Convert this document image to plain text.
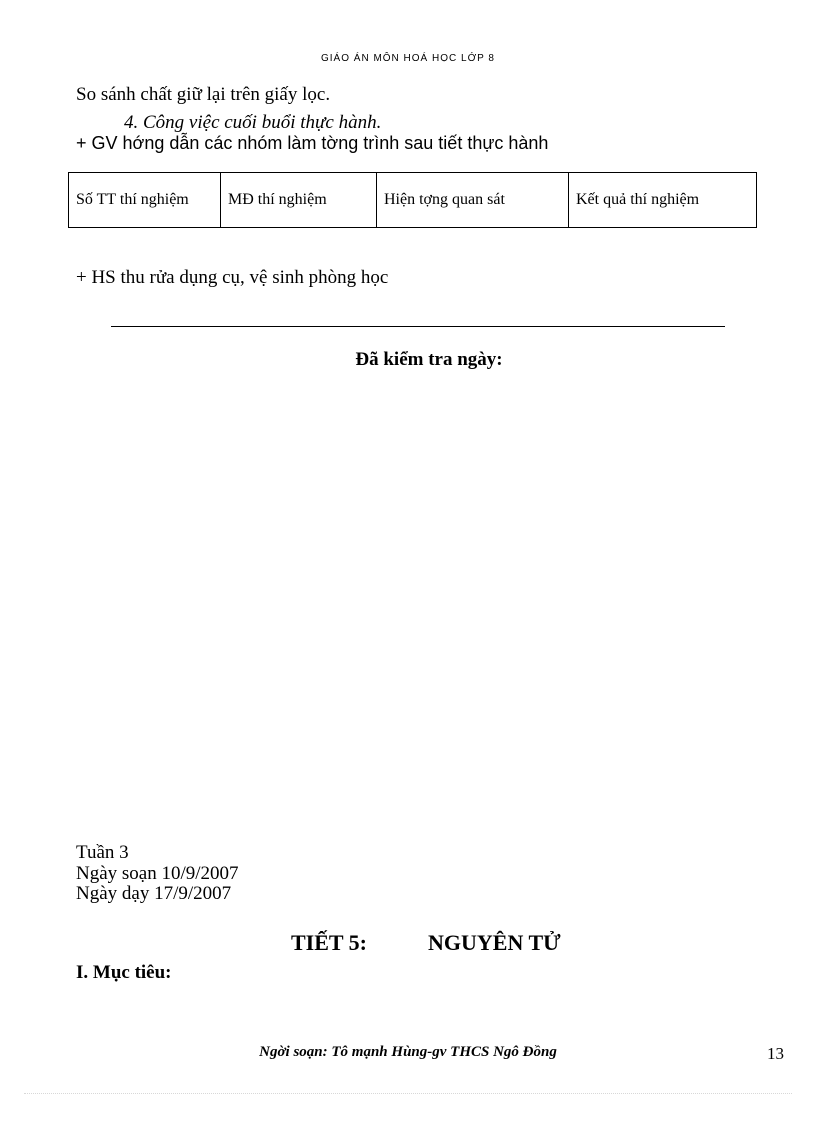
GIÁO ÁN MÔN HOÁ HỌC LỚP 8
So sánh chất giữ lại trên giấy lọc.
4. Công việc cuối buổi thực hành.
+ GV hớng dẫn các nhóm làm tờng trình sau tiết thực hành
Số TT thí nghiệm	MĐ thí nghiệm	Hiện tợng quan sát	Kết quả thí nghiệm
+ HS thu rửa dụng cụ, vệ sinh phòng học
Đã kiểm tra ngày:
Tuần 3
Ngày soạn 10/9/2007
Ngày dạy 17/9/2007
TIẾT 5:	NGUYÊN TỬ
I. Mục tiêu:
Ngời soạn: Tô mạnh Hùng-gv THCS Ngô Đồng	13
